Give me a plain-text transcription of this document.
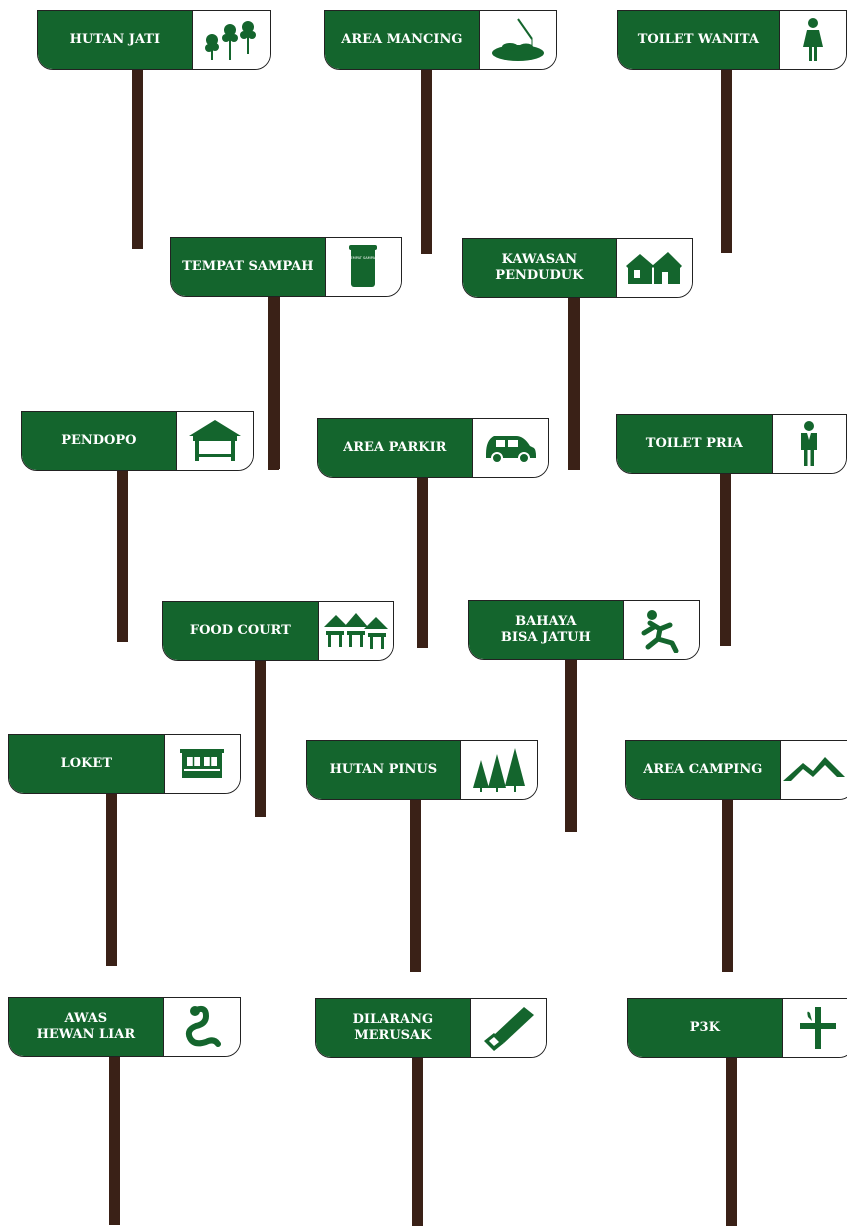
HUTAN JATI	AREA MANCING	TOILET WANITA
TEMPAT SAMPAH
TEMPAT SAMPAH	KAWASAN
PENDUDUK
PENDOPO	AREA PARKIR	TOILET PRIA
FOOD COURT
BAHAYA
BISA JATUH
LOKET	HUTAN PINUS	AREA CAMPING
AWAS
HEWAN LIAR
DILARANG
MERUSAK
P3K
